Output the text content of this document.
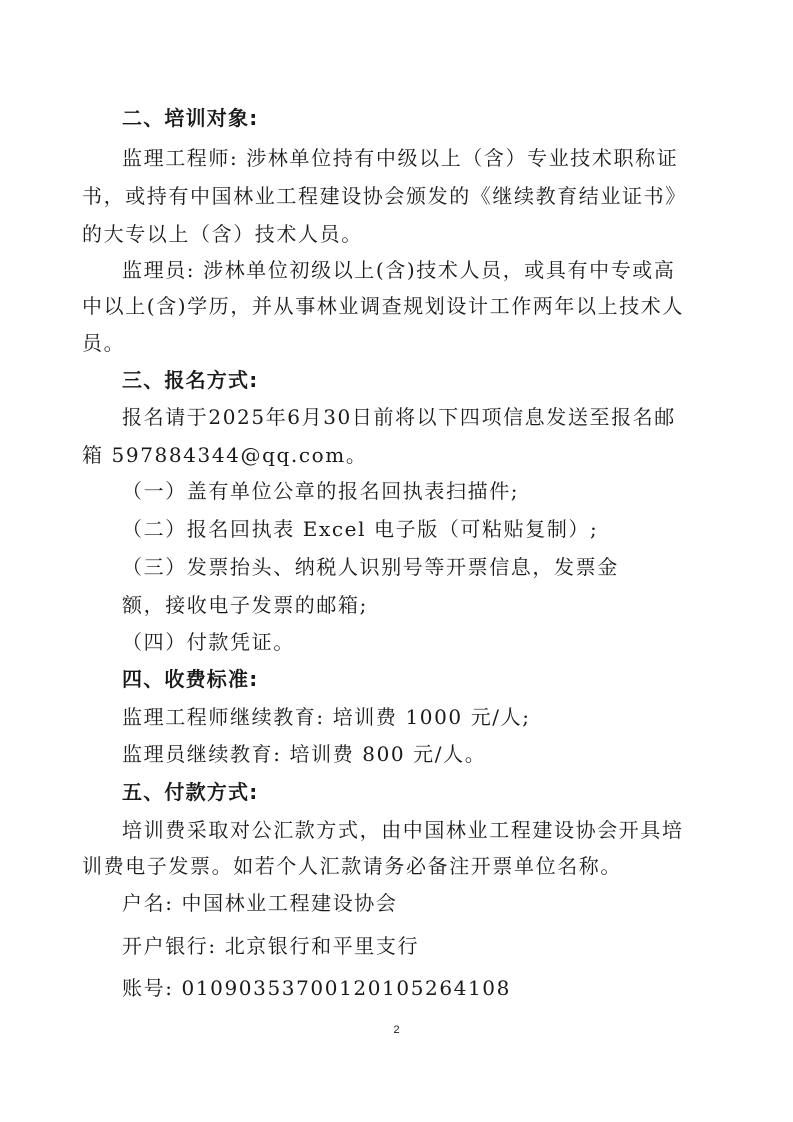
二、培训对象:
监理工程师: 涉林单位持有中级以上（含）专业技术职称证
书，或持有中国林业工程建设协会颁发的《继续教育结业证书》
的大专以上（含）技术人员。
监理员: 涉林单位初级以上(含)技术人员，或具有中专或高
中以上(含)学历，并从事林业调查规划设计工作两年以上技术人
员。
三、报名方式:
报名请于2025年6月30日前将以下四项信息发送至报名邮
箱 597884344@qq.com。
（一）盖有单位公章的报名回执表扫描件;
（二）报名回执表 Excel 电子版（可粘贴复制）;
（三）发票抬头、纳税人识别号等开票信息，发票金
额，接收电子发票的邮箱;
（四）付款凭证。
四、收费标准:
监理工程师继续教育: 培训费 1000 元/人;
监理员继续教育: 培训费 800 元/人。
五、付款方式:
培训费采取对公汇款方式，由中国林业工程建设协会开具培
训费电子发票。如若个人汇款请务必备注开票单位名称。
户名: 中国林业工程建设协会
开户银行: 北京银行和平里支行
账号: 01090353700120105264108
2
